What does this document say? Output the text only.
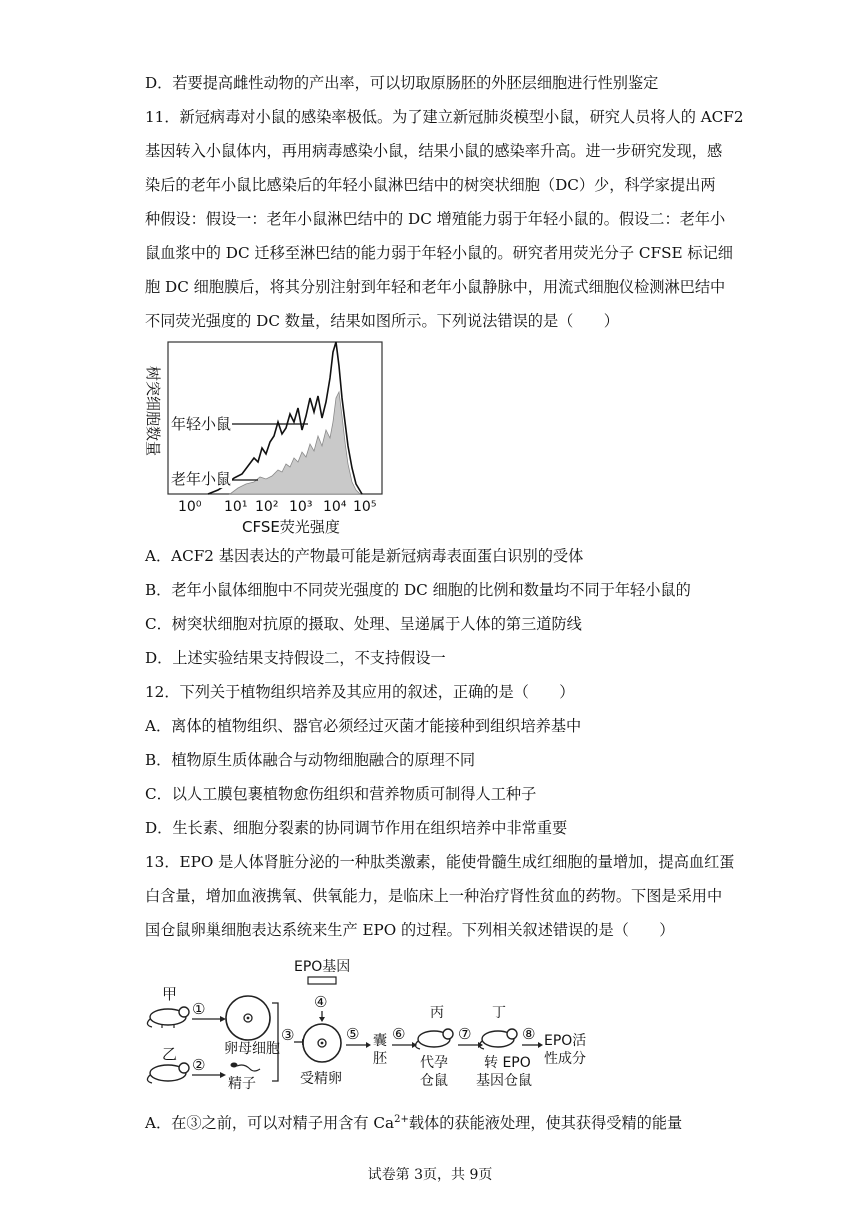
D．若要提高雌性动物的产出率，可以切取原肠胚的外胚层细胞进行性别鉴定
11．新冠病毒对小鼠的感染率极低。为了建立新冠肺炎模型小鼠，研究人员将人的 ACF2
基因转入小鼠体内，再用病毒感染小鼠，结果小鼠的感染率升高。进一步研究发现，感
染后的老年小鼠比感染后的年轻小鼠淋巴结中的树突状细胞（DC）少，科学家提出两
种假设：假设一：老年小鼠淋巴结中的 DC 增殖能力弱于年轻小鼠的。假设二：老年小
鼠血浆中的 DC 迁移至淋巴结的能力弱于年轻小鼠的。研究者用荧光分子 CFSE 标记细
胞 DC 细胞膜后，将其分别注射到年轻和老年小鼠静脉中，用流式细胞仪检测淋巴结中
不同荧光强度的 DC 数量，结果如图所示。下列说法错误的是（　　）
树突细胞数量 年轻小鼠
老年小鼠
10⁰ 10¹ 10² 10³ 10⁴ 10⁵
CFSE荧光强度
A．ACF2 基因表达的产物最可能是新冠病毒表面蛋白识别的受体
B．老年小鼠体细胞中不同荧光强度的 DC 细胞的比例和数量均不同于年轻小鼠的
C．树突状细胞对抗原的摄取、处理、呈递属于人体的第三道防线
D．上述实验结果支持假设二，不支持假设一
12．下列关于植物组织培养及其应用的叙述，正确的是（　　）
A．离体的植物组织、器官必须经过灭菌才能接种到组织培养基中
B．植物原生质体融合与动物细胞融合的原理不同
C．以人工膜包裹植物愈伤组织和营养物质可制得人工种子
D．生长素、细胞分裂素的协同调节作用在组织培养中非常重要
13．EPO 是人体肾脏分泌的一种肽类激素，能使骨髓生成红细胞的量增加，提高血红蛋
白含量，增加血液携氧、供氧能力，是临床上一种治疗肾性贫血的药物。下图是采用中
国仓鼠卵巢细胞表达系统来生产 EPO 的过程。下列相关叙述错误的是（　　）
甲
①
乙
②
卵母细胞
精子
③
EPO基因
④
受精卵
⑤ 囊
胚
⑥
丙
代孕
仓鼠
⑦
丁
转 EPO
基因仓鼠
⑧ EPO活
性成分
A．在③之前，可以对精子用含有 $Ca^{2+}$载体的获能液处理，使其获得受精的能量
试卷第 3页，共 9页
